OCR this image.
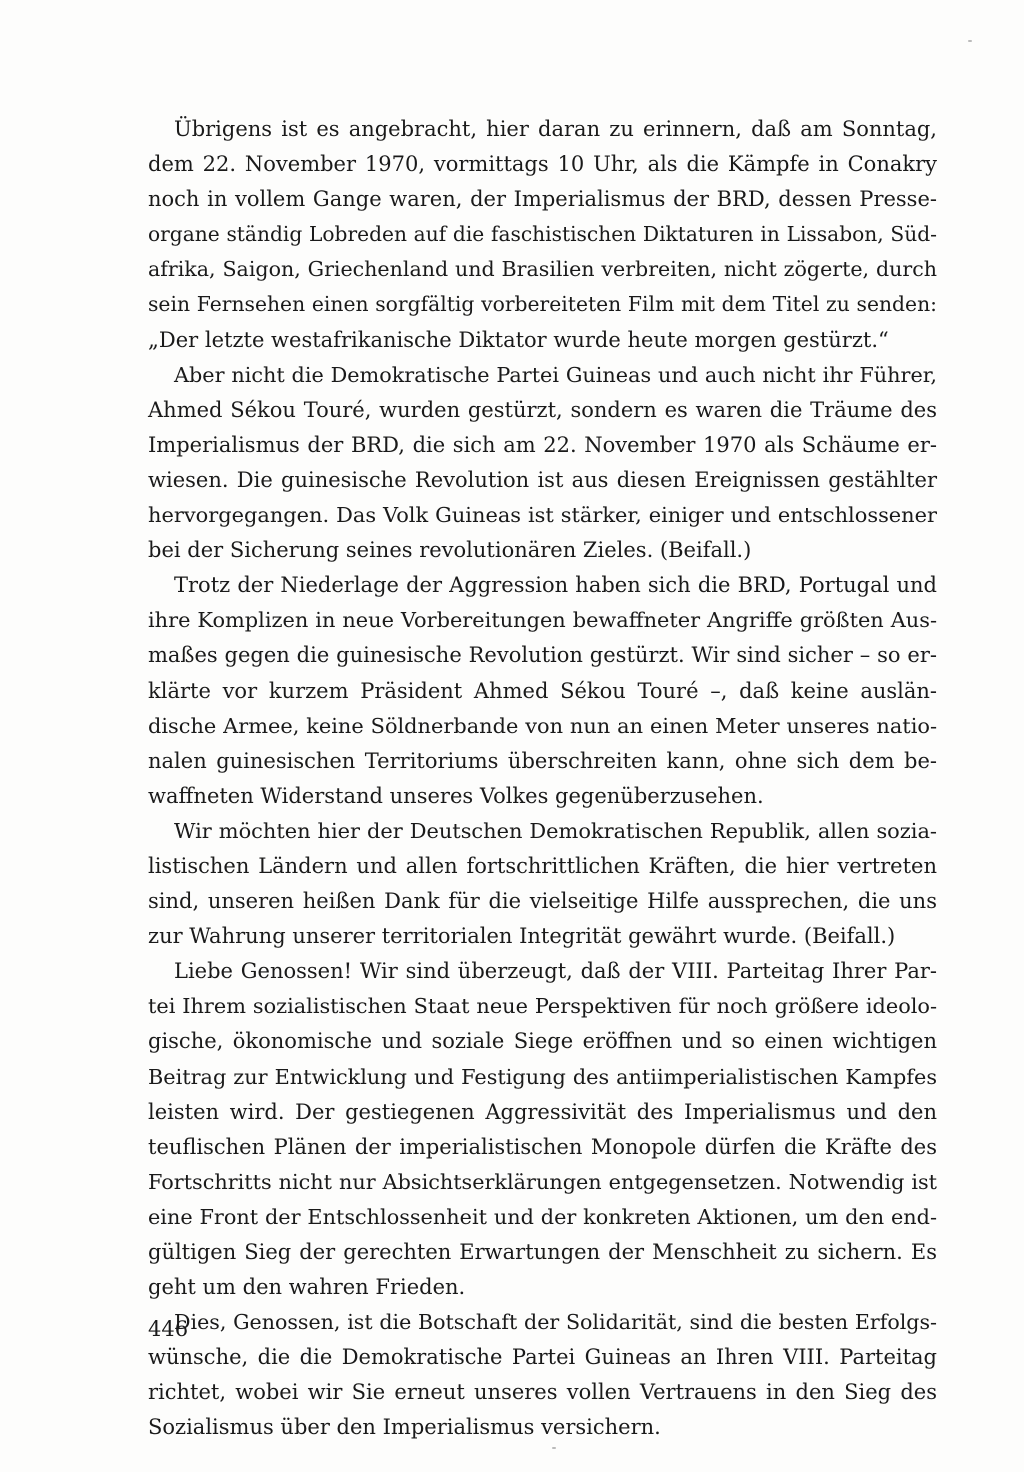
Übrigens ist es angebracht, hier daran zu erinnern, daß am Sonntag,
dem 22. November 1970, vormittags 10 Uhr, als die Kämpfe in Conakry
noch in vollem Gange waren, der Imperialismus der BRD, dessen Presse-
organe ständig Lobreden auf die faschistischen Diktaturen in Lissabon, Süd-
afrika, Saigon, Griechenland und Brasilien verbreiten, nicht zögerte, durch
sein Fernsehen einen sorgfältig vorbereiteten Film mit dem Titel zu senden:
„Der letzte westafrikanische Diktator wurde heute morgen gestürzt.“
Aber nicht die Demokratische Partei Guineas und auch nicht ihr Führer,
Ahmed Sékou Touré, wurden gestürzt, sondern es waren die Träume des
Imperialismus der BRD, die sich am 22. November 1970 als Schäume er-
wiesen. Die guinesische Revolution ist aus diesen Ereignissen gestählter
hervorgegangen. Das Volk Guineas ist stärker, einiger und entschlossener
bei der Sicherung seines revolutionären Zieles. (Beifall.)
Trotz der Niederlage der Aggression haben sich die BRD, Portugal und
ihre Komplizen in neue Vorbereitungen bewaffneter Angriffe größten Aus-
maßes gegen die guinesische Revolution gestürzt. Wir sind sicher – so er-
klärte vor kurzem Präsident Ahmed Sékou Touré –, daß keine auslän-
dische Armee, keine Söldnerbande von nun an einen Meter unseres natio-
nalen guinesischen Territoriums überschreiten kann, ohne sich dem be-
waffneten Widerstand unseres Volkes gegenüberzusehen.
Wir möchten hier der Deutschen Demokratischen Republik, allen sozia-
listischen Ländern und allen fortschrittlichen Kräften, die hier vertreten
sind, unseren heißen Dank für die vielseitige Hilfe aussprechen, die uns
zur Wahrung unserer territorialen Integrität gewährt wurde. (Beifall.)
Liebe Genossen! Wir sind überzeugt, daß der VIII. Parteitag Ihrer Par-
tei Ihrem sozialistischen Staat neue Perspektiven für noch größere ideolo-
gische, ökonomische und soziale Siege eröffnen und so einen wichtigen
Beitrag zur Entwicklung und Festigung des antiimperialistischen Kampfes
leisten wird. Der gestiegenen Aggressivität des Imperialismus und den
teuflischen Plänen der imperialistischen Monopole dürfen die Kräfte des
Fortschritts nicht nur Absichtserklärungen entgegensetzen. Notwendig ist
eine Front der Entschlossenheit und der konkreten Aktionen, um den end-
gültigen Sieg der gerechten Erwartungen der Menschheit zu sichern. Es
geht um den wahren Frieden.
Dies, Genossen, ist die Botschaft der Solidarität, sind die besten Erfolgs-
wünsche, die die Demokratische Partei Guineas an Ihren VIII. Parteitag
richtet, wobei wir Sie erneut unseres vollen Vertrauens in den Sieg des
Sozialismus über den Imperialismus versichern.
446
